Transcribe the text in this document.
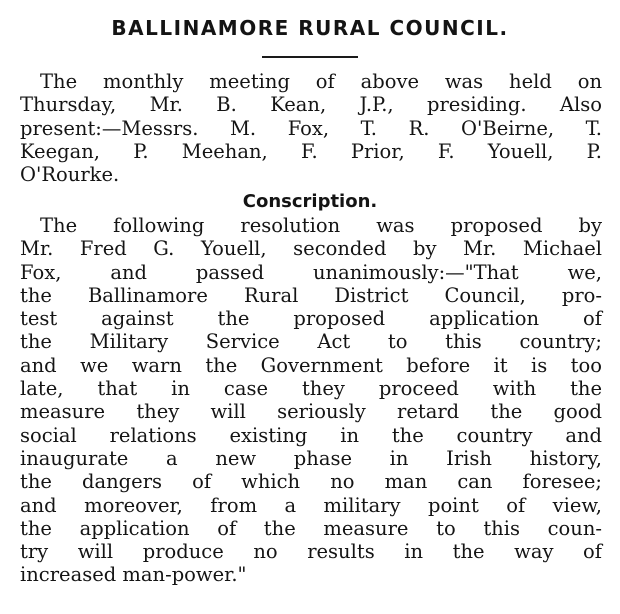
BALLINAMORE RURAL COUNCIL.

The monthly meeting of above was held on
Thursday, Mr. B. Kean, J.P., presiding. Also
present:—Messrs. M. Fox, T. R. O'Beirne, T.
Keegan, P. Meehan, F. Prior, F. Youell, P.
O'Rourke.

Conscription.

The following resolution was proposed by
Mr. Fred G. Youell, seconded by Mr. Michael
Fox, and passed unanimously:—"That we,
the Ballinamore Rural District Council, pro-
test against the proposed application of
the Military Service Act to this country;
and we warn the Government before it is too
late, that in case they proceed with the
measure they will seriously retard the good
social relations existing in the country and
inaugurate a new phase in Irish history,
the dangers of which no man can foresee;
and moreover, from a military point of view,
the application of the measure to this coun-
try will produce no results in the way of
increased man-power."
